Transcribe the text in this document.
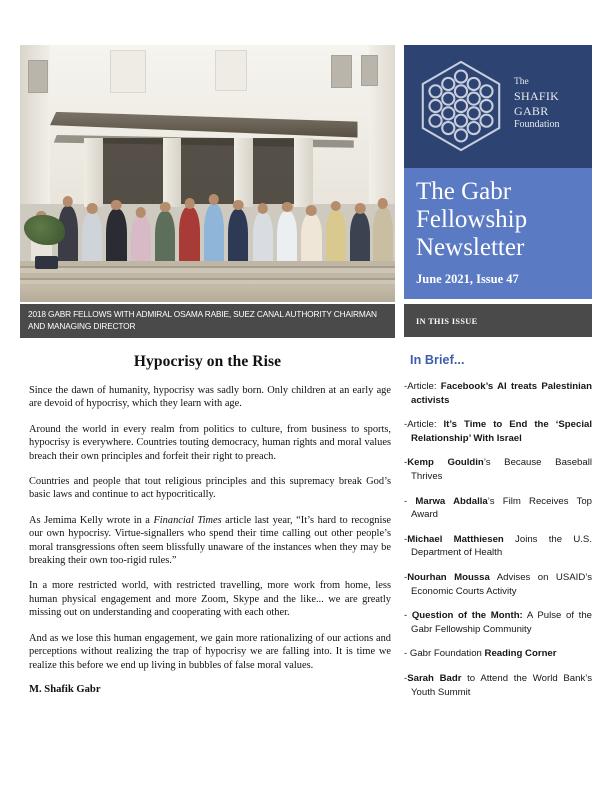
2018 GABR FELLOWS WITH ADMIRAL OSAMA RABIE, SUEZ CANAL AUTHORITY CHAIRMAN AND MANAGING DIRECTOR
Hypocrisy on the Rise

Since the dawn of humanity, hypocrisy was sadly born. Only children at an early age are devoid of hypocrisy, which they learn with age.

Around the world in every realm from politics to culture, from business to sports, hypocrisy is everywhere. Countries touting democracy, human rights and moral values breach their own principles and forfeit their right to preach.

Countries and people that tout religious principles and this supremacy break God’s basic laws and continue to act hypocritically.

As Jemima Kelly wrote in a Financial Times article last year, “It’s hard to recognise our own hypocrisy. Virtue-signallers who spend their time calling out other people’s moral transgressions often seem blissfully unaware of the instances when they may be breaking their own too-rigid rules.”

In a more restricted world, with restricted travelling, more work from home, less human physical engagement and more Zoom, Skype and the like... we are greatly missing out on understanding and cooperating with each other.

And as we lose this human engagement, we gain more rationalizing of our actions and perceptions without realizing the trap of hypocrisy we are falling into. It is time we realize this before we end up living in bubbles of false moral values.

M. Shafik Gabr
The
SHAFIK GABR
Foundation
The Gabr Fellowship Newsletter
June 2021, Issue 47
IN THIS ISSUE
In Brief...
-Article: Facebook’s AI treats Palestinian activists
-Article: It’s Time to End the ‘Special Relationship’ With Israel
-Kemp Gouldin’s Because Baseball Thrives
- Marwa Abdalla’s Film Receives Top Award
-Michael Matthiesen Joins the U.S. Department of Health
-Nourhan Moussa Advises on USAID’s Economic Courts Activity
- Question of the Month: A Pulse of the Gabr Fellowship Community
- Gabr Foundation Reading Corner
-Sarah Badr to Attend the World Bank’s Youth Summit
